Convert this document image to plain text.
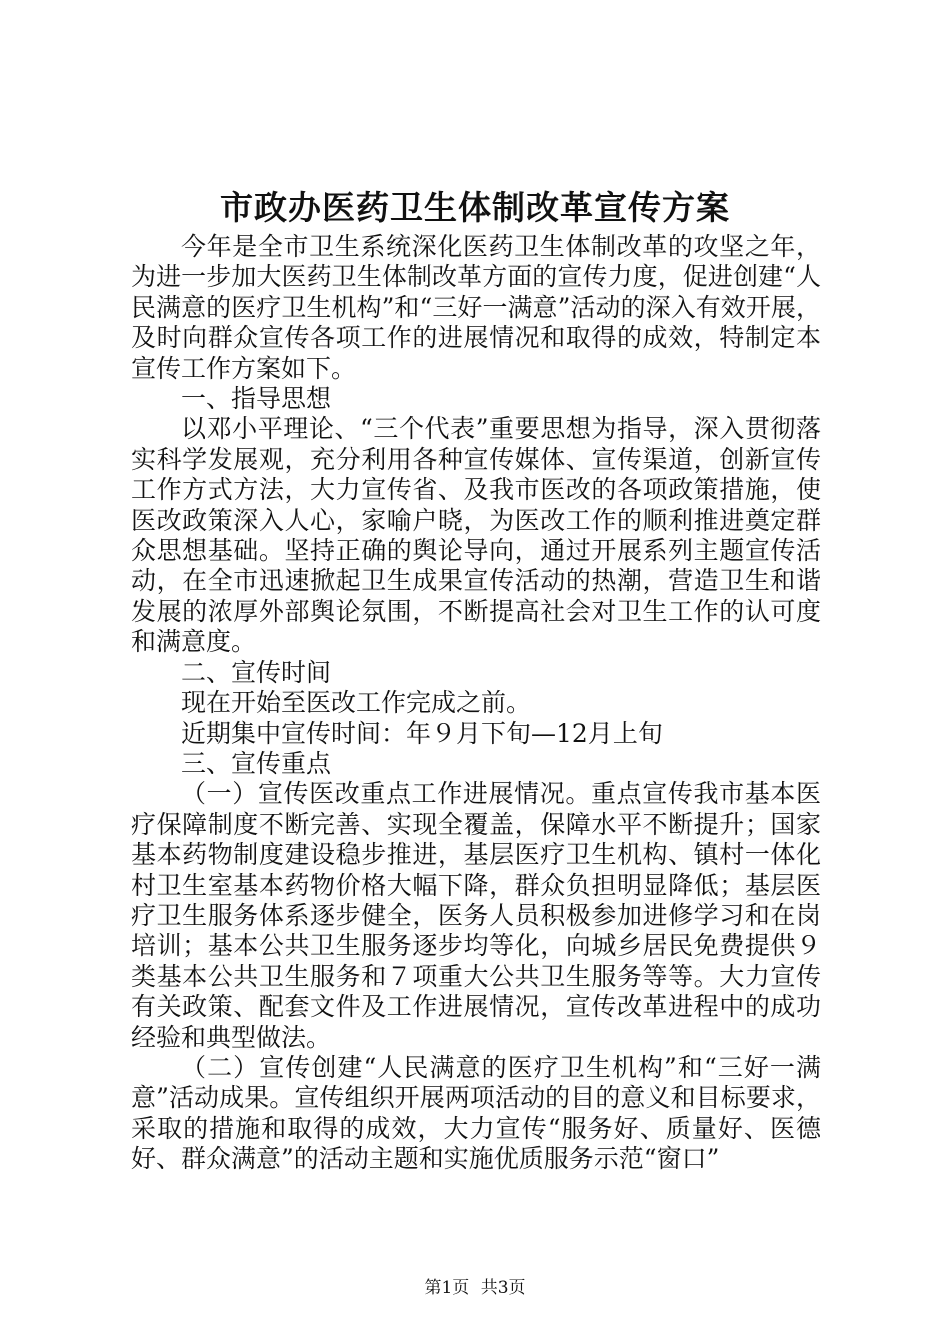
市政办医药卫生体制改革宣传方案

今年是全市卫生系统深化医药卫生体制改革的攻坚之年，为进一步加大医药卫生体制改革方面的宣传力度，促进创建“人民满意的医疗卫生机构”和“三好一满意”活动的深入有效开展，及时向群众宣传各项工作的进展情况和取得的成效，特制定本宣传工作方案如下。

一、指导思想

以邓小平理论、“三个代表”重要思想为指导，深入贯彻落实科学发展观，充分利用各种宣传媒体、宣传渠道，创新宣传工作方式方法，大力宣传省、及我市医改的各项政策措施，使医改政策深入人心，家喻户晓，为医改工作的顺利推进奠定群众思想基础。坚持正确的舆论导向，通过开展系列主题宣传活动，在全市迅速掀起卫生成果宣传活动的热潮，营造卫生和谐发展的浓厚外部舆论氛围，不断提高社会对卫生工作的认可度和满意度。

二、宣传时间

现在开始至医改工作完成之前。

近期集中宣传时间：年９月下旬—12月上旬

三、宣传重点

（一）宣传医改重点工作进展情况。重点宣传我市基本医疗保障制度不断完善、实现全覆盖，保障水平不断提升；国家基本药物制度建设稳步推进，基层医疗卫生机构、镇村一体化村卫生室基本药物价格大幅下降，群众负担明显降低；基层医疗卫生服务体系逐步健全，医务人员积极参加进修学习和在岗培训；基本公共卫生服务逐步均等化，向城乡居民免费提供９类基本公共卫生服务和７项重大公共卫生服务等等。大力宣传有关政策、配套文件及工作进展情况，宣传改革进程中的成功经验和典型做法。

（二）宣传创建“人民满意的医疗卫生机构”和“三好一满意”活动成果。宣传组织开展两项活动的目的意义和目标要求，采取的措施和取得的成效，大力宣传“服务好、质量好、医德好、群众满意”的活动主题和实施优质服务示范“窗口”

第1页 共3页
